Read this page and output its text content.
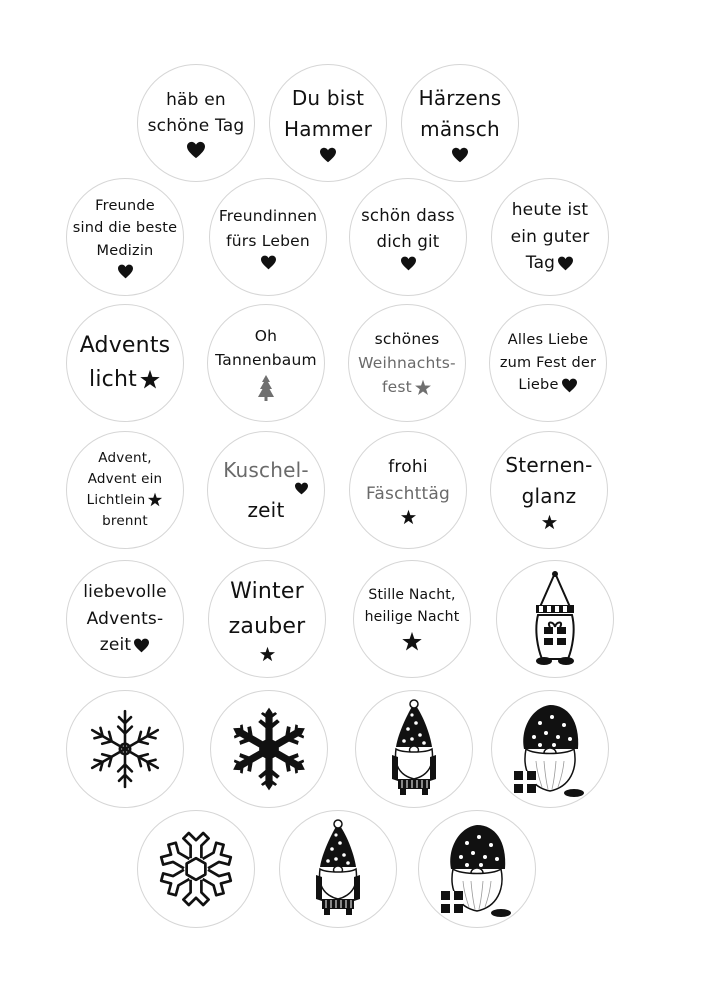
häb en
schöne Tag
Du bist
Hammer
Härzens
mänsch
Freunde
sind die beste
Medizin
Freundinnen
fürs Leben
schön dass
dich git
heute ist
ein guter
Tag
Advents
licht
Oh
Tannenbaum
schönes
Weihnachts-
fest
Alles Liebe
zum Fest der
Liebe
Advent,
Advent ein
Lichtlein
brennt
Kuschel-
zeit
frohi
Fäschttäg
Sternen-
glanz
liebevolle
Advents-
zeit
Winter
zauber
Stille Nacht,
heilige Nacht
